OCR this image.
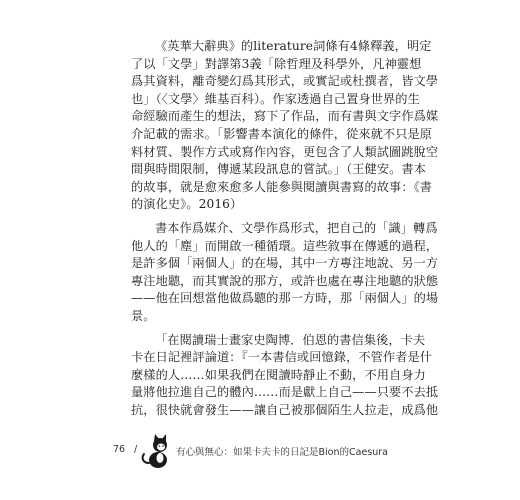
《英華大辭典》的literature詞條有4條釋義，明定
了以「文學」對譯第3義「除哲理及科學外，凡神靈想
爲其資料，離奇變幻爲其形式，或實記或杜撰者，皆文學
也」（〈文學〉維基百科）。作家透過自己置身世界的生
命經驗而產生的想法，寫下了作品，而有書與文字作爲媒
介記載的需求。「影響書本演化的條件，從來就不只是原
料材質、製作方式或寫作內容，更包含了人類試圖跳脫空
間與時間限制，傳遞某段訊息的嘗試。」（王健安。書本
的故事，就是愈來愈多人能參與閱讀與書寫的故事：《書
的演化史》。2016）
書本作爲媒介、文學作爲形式，把自己的「識」轉爲
他人的「塵」而開啟一種循環。這些敘事在傳遞的過程，
是許多個「兩個人」的在場，其中一方專注地說、另一方
專注地聽，而其實說的那方，或許也處在專注地聽的狀態
——他在回想當他做爲聽的那一方時，那「兩個人」的場
景。
「在閱讀瑞士畫家史陶博．伯恩的書信集後，卡夫
卡在日記裡評論道：『一本書信或回憶錄，不管作者是什
麼樣的人……如果我們在閱讀時靜止不動，不用自身力
量將他拉進自己的體內……而是獻上自己——只要不去抵
抗，很快就會發生——讓自己被那個陌生人拉走，成爲他
76 /	有心與無心：如果卡夫卡的日記是Bion的Caesura
